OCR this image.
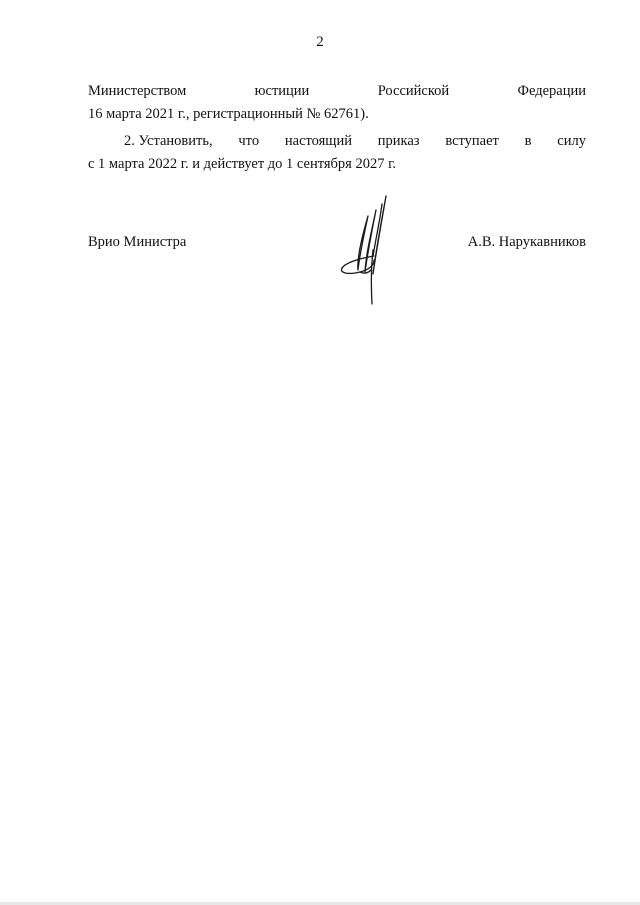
2
Министерством	юстиции	Российской	Федерации
16 марта 2021 г., регистрационный № 62761).
2. Установить, что настоящий приказ вступает в силу
с 1 марта 2022 г. и действует до 1 сентября 2027 г.
Врио Министра	А.В. Нарукавников
